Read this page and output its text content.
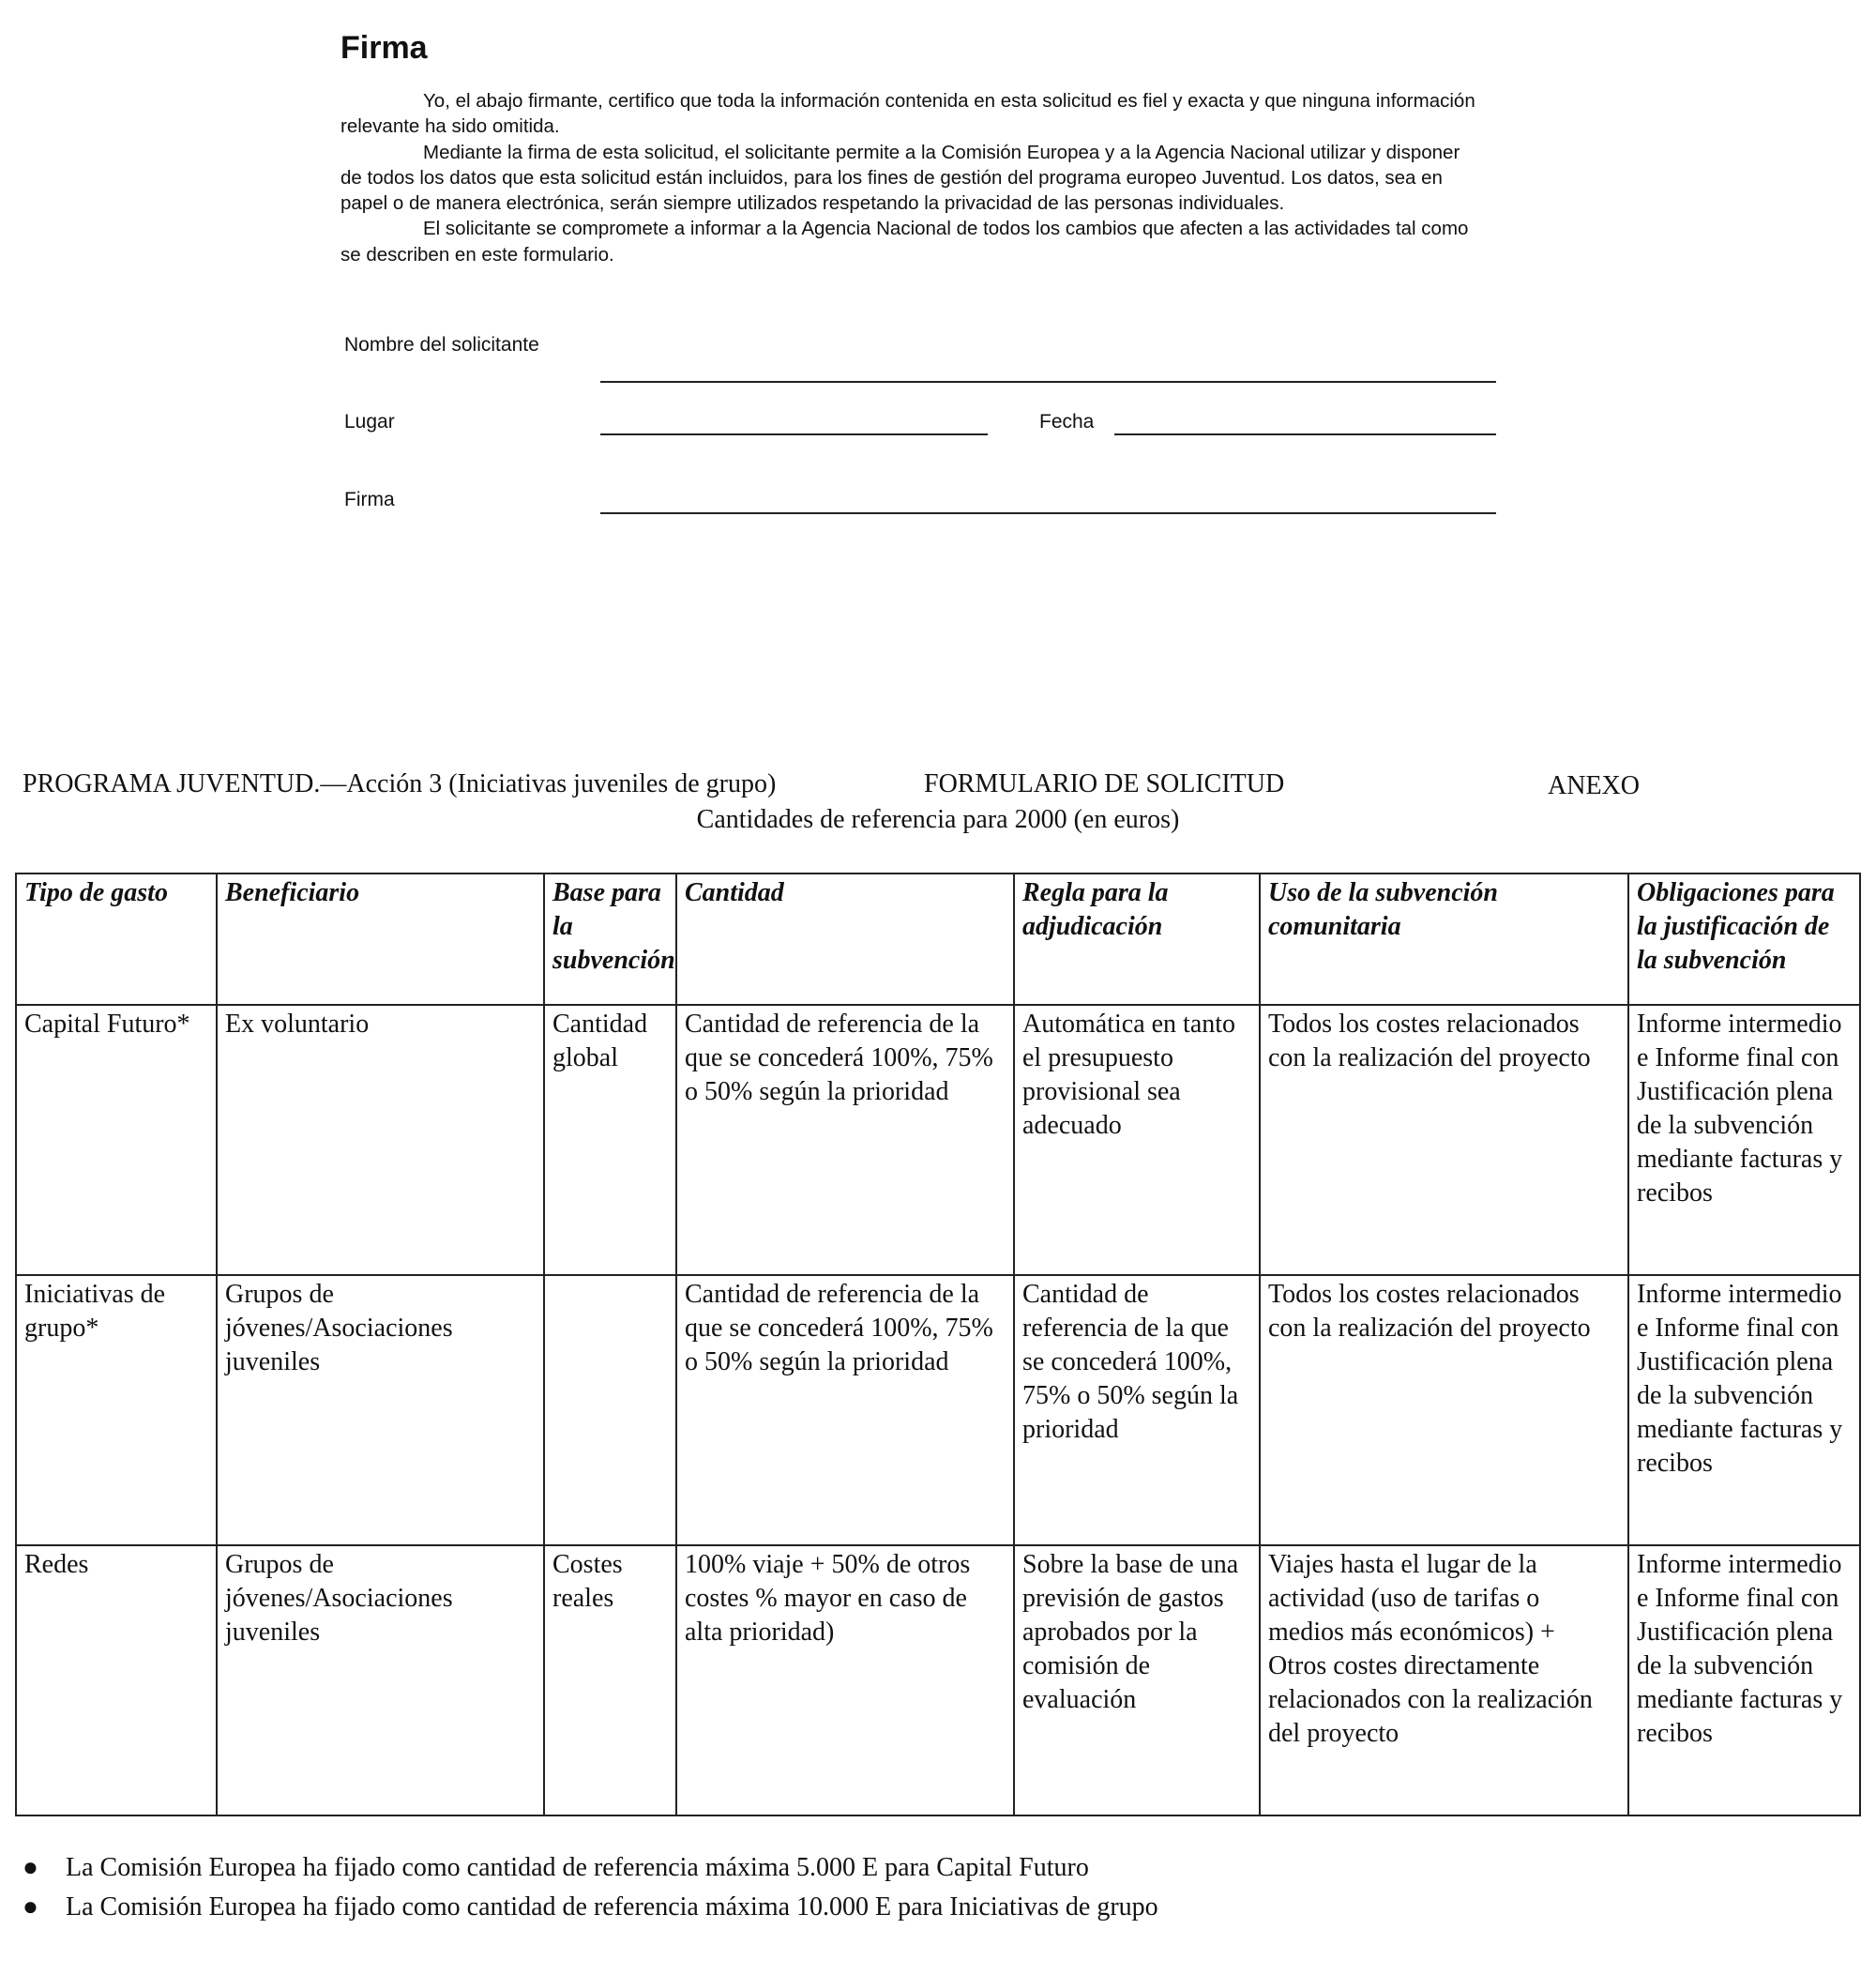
Firma

Yo, el abajo firmante, certifico que toda la información contenida en esta solicitud es fiel y exacta y que ninguna información relevante ha sido omitida.

Mediante la firma de esta solicitud, el solicitante permite a la Comisión Europea y a la Agencia Nacional utilizar y disponer de todos los datos que esta solicitud están incluidos, para los fines de gestión del programa europeo Juventud. Los datos, sea en papel o de manera electrónica, serán siempre utilizados respetando la privacidad de las personas individuales.

El solicitante se compromete a informar a la Agencia Nacional de todos los cambios que afecten a las actividades tal como se describen en este formulario.

Nombre del solicitante
Lugar	Fecha
Firma
PROGRAMA JUVENTUD.—Acción 3 (Iniciativas juveniles de grupo)	FORMULARIO DE SOLICITUD	ANEXO
Cantidades de referencia para 2000 (en euros)
Tipo de gasto	Beneficiario	Base para la subvención	Cantidad	Regla para la adjudicación	Uso de la subvención comunitaria	Obligaciones para la justificación de la subvención
Capital Futuro*	Ex voluntario	Cantidad global	Cantidad de referencia de la que se concederá 100%, 75% o 50% según la prioridad	Automática en tanto el presupuesto provisional sea adecuado	Todos los costes relacionados con la realización del proyecto	Informe intermedio e Informe final con Justificación plena de la subvención mediante facturas y recibos
Iniciativas de grupo*	Grupos de jóvenes/Asociaciones juveniles		Cantidad de referencia de la que se concederá 100%, 75% o 50% según la prioridad	Cantidad de referencia de la que se concederá 100%, 75% o 50% según la prioridad	Todos los costes relacionados con la realización del proyecto	Informe intermedio e Informe final con Justificación plena de la subvención mediante facturas y recibos
Redes	Grupos de jóvenes/Asociaciones juveniles	Costes reales	100% viaje + 50% de otros costes % mayor en caso de alta prioridad)	Sobre la base de una previsión de gastos aprobados por la comisión de evaluación	Viajes hasta el lugar de la actividad (uso de tarifas o medios más económicos) + Otros costes directamente relacionados con la realización del proyecto	Informe intermedio e Informe final con Justificación plena de la subvención mediante facturas y recibos
● La Comisión Europea ha fijado como cantidad de referencia máxima 5.000 E para Capital Futuro
● La Comisión Europea ha fijado como cantidad de referencia máxima 10.000 E para Iniciativas de grupo
